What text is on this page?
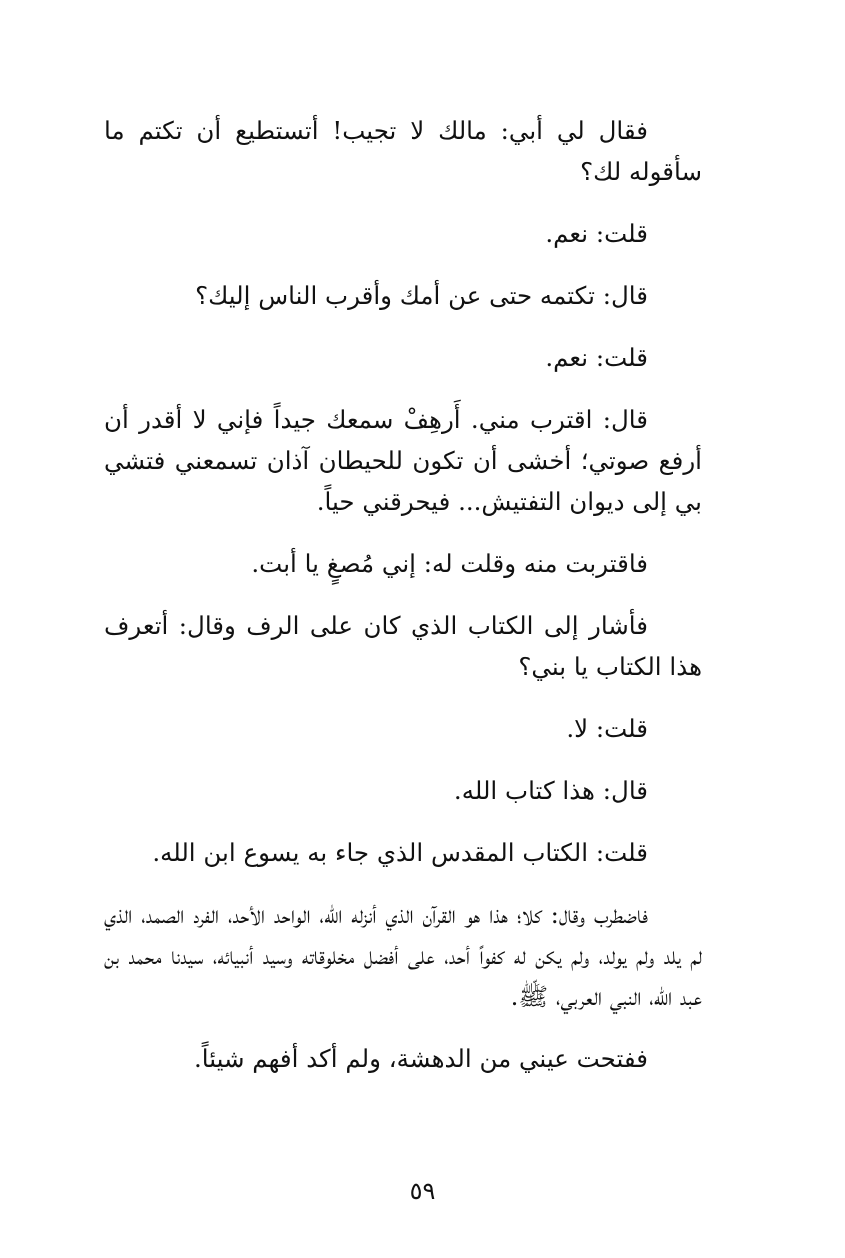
فقال لي أبي: مالك لا تجيب! أتستطيع أن تكتم ما سأقوله لك؟

قلت: نعم.

قال: تكتمه حتى عن أمك وأقرب الناس إليك؟

قلت: نعم.

قال: اقترب مني. أَرهِفْ سمعك جيداً فإني لا أقدر أن أرفع صوتي؛ أخشى أن تكون للحيطان آذان تسمعني فتشي بي إلى ديوان التفتيش... فيحرقني حياً.

فاقتربت منه وقلت له: إني مُصغٍ يا أبت.

فأشار إلى الكتاب الذي كان على الرف وقال: أتعرف هذا الكتاب يا بني؟

قلت: لا.

قال: هذا كتاب الله.

قلت: الكتاب المقدس الذي جاء به يسوع ابن الله.

فاضطرب وقال: كلا؛ هذا هو القرآن الذي أنزله الله، الواحد الأحد، الفرد الصمد، الذي لم يلد ولم يولد، ولم يكن له كفواً أحد، على أفضل مخلوقاته وسيد أنبيائه، سيدنا محمد بن عبد الله، النبي العربي، ﷺ.

ففتحت عيني من الدهشة، ولم أكد أفهم شيئاً.

٥٩
